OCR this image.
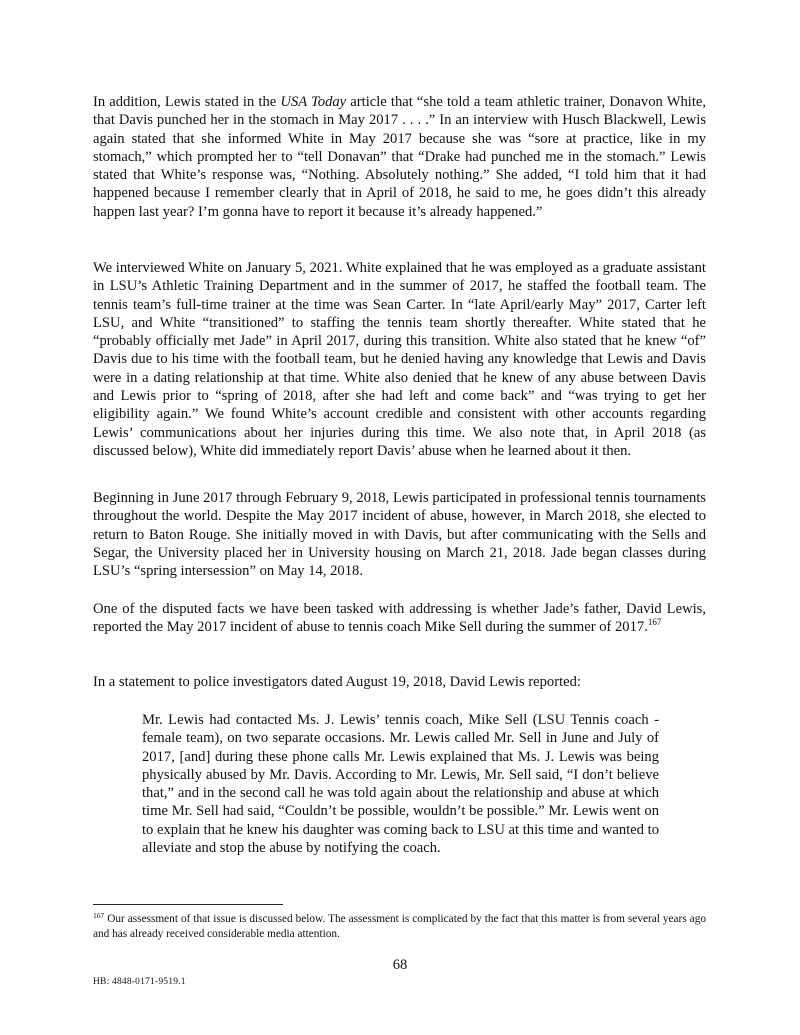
In addition, Lewis stated in the USA Today article that “she told a team athletic trainer, Donavon White, that Davis punched her in the stomach in May 2017 . . . .” In an interview with Husch Blackwell, Lewis again stated that she informed White in May 2017 because she was “sore at practice, like in my stomach,” which prompted her to “tell Donavan” that “Drake had punched me in the stomach.” Lewis stated that White’s response was, “Nothing. Absolutely nothing.” She added, “I told him that it had happened because I remember clearly that in April of 2018, he said to me, he goes didn’t this already happen last year? I’m gonna have to report it because it’s already happened.”

We interviewed White on January 5, 2021. White explained that he was employed as a graduate assistant in LSU’s Athletic Training Department and in the summer of 2017, he staffed the football team. The tennis team’s full-time trainer at the time was Sean Carter. In “late April/early May” 2017, Carter left LSU, and White “transitioned” to staffing the tennis team shortly thereafter. White stated that he “probably officially met Jade” in April 2017, during this transition. White also stated that he knew “of” Davis due to his time with the football team, but he denied having any knowledge that Lewis and Davis were in a dating relationship at that time. White also denied that he knew of any abuse between Davis and Lewis prior to “spring of 2018, after she had left and come back” and “was trying to get her eligibility again.” We found White’s account credible and consistent with other accounts regarding Lewis’ communications about her injuries during this time. We also note that, in April 2018 (as discussed below), White did immediately report Davis’ abuse when he learned about it then.

Beginning in June 2017 through February 9, 2018, Lewis participated in professional tennis tournaments throughout the world. Despite the May 2017 incident of abuse, however, in March 2018, she elected to return to Baton Rouge. She initially moved in with Davis, but after communicating with the Sells and Segar, the University placed her in University housing on March 21, 2018. Jade began classes during LSU’s “spring intersession” on May 14, 2018.

One of the disputed facts we have been tasked with addressing is whether Jade’s father, David Lewis, reported the May 2017 incident of abuse to tennis coach Mike Sell during the summer of 2017.$^{167}$

In a statement to police investigators dated August 19, 2018, David Lewis reported:

Mr. Lewis had contacted Ms. J. Lewis’ tennis coach, Mike Sell (LSU Tennis coach - female team), on two separate occasions. Mr. Lewis called Mr. Sell in June and July of 2017, [and] during these phone calls Mr. Lewis explained that Ms. J. Lewis was being physically abused by Mr. Davis. According to Mr. Lewis, Mr. Sell said, “I don’t believe that,” and in the second call he was told again about the relationship and abuse at which time Mr. Sell had said, “Couldn’t be possible, wouldn’t be possible.” Mr. Lewis went on to explain that he knew his daughter was coming back to LSU at this time and wanted to alleviate and stop the abuse by notifying the coach.

$^{167}$ Our assessment of that issue is discussed below. The assessment is complicated by the fact that this matter is from several years ago and has already received considerable media attention.

68

HB: 4848-0171-9519.1
